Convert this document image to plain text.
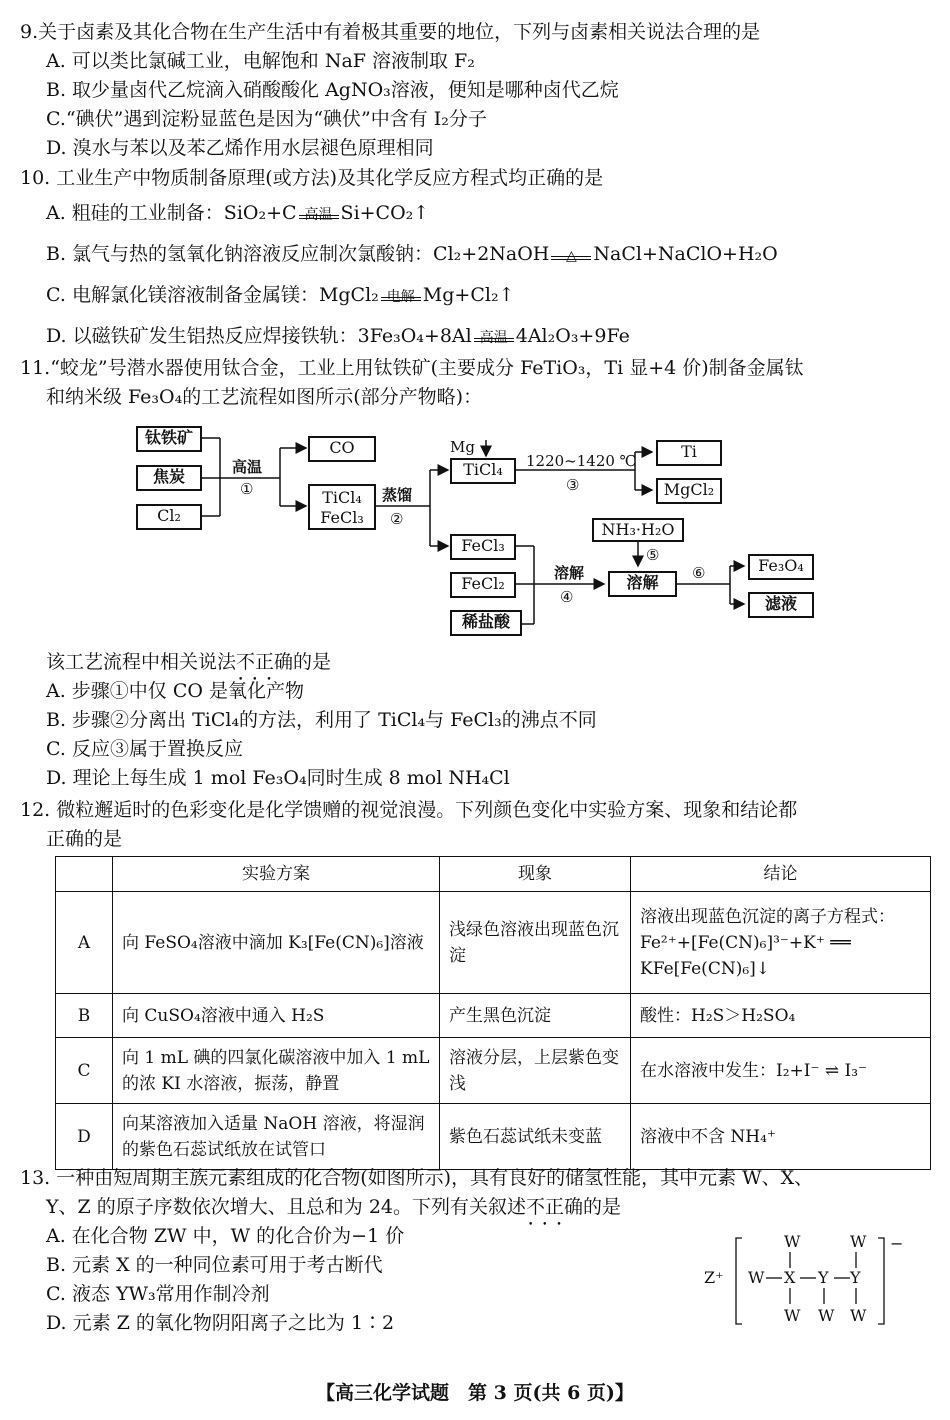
9.关于卤素及其化合物在生产生活中有着极其重要的地位，下列与卤素相关说法合理的是
A. 可以类比氯碱工业，电解饱和 NaF 溶液制取 F₂
B. 取少量卤代乙烷滴入硝酸酸化 AgNO₃溶液，便知是哪种卤代乙烷
C.“碘伏”遇到淀粉显蓝色是因为“碘伏”中含有 I₂分子
D. 溴水与苯以及苯乙烯作用水层褪色原理相同
10. 工业生产中物质制备原理(或方法)及其化学反应方程式均正确的是
A. 粗硅的工业制备：SiO₂+C 高温 Si+CO₂↑
B. 氯气与热的氢氧化钠溶液反应制次氯酸钠：Cl₂+2NaOH	△ NaCl+NaClO+H₂O
C. 电解氯化镁溶液制备金属镁：MgCl₂ 电解 Mg+Cl₂↑
D. 以磁铁矿发生铝热反应焊接铁轨：3Fe₃O₄+8Al 高温 4Al₂O₃+9Fe
11.“蛟龙”号潜水器使用钛合金，工业上用钛铁矿(主要成分 FeTiO₃，Ti 显+4 价)制备金属钛
和纳米级 Fe₃O₄的工艺流程如图所示(部分产物略)：
钛铁矿
焦炭
Cl₂
高温
①
CO
TiCl₄
FeCl₃
蒸馏
②
Mg
TiCl₄	1220~1420 ℃
③
Ti
MgCl₂
FeCl₃
FeCl₂
稀盐酸
溶解
④
NH₃·H₂O
⑤
溶解	⑥	Fe₃O₄
滤液
该工艺流程中相关说法不正确 • • •的是
A. 步骤①中仅 CO 是氧化产物
B. 步骤②分离出 TiCl₄的方法，利用了 TiCl₄与 FeCl₃的沸点不同
C. 反应③属于置换反应
D. 理论上每生成 1 mol Fe₃O₄同时生成 8 mol NH₄Cl
12. 微粒邂逅时的色彩变化是化学馈赠的视觉浪漫。下列颜色变化中实验方案、现象和结论都
正确的是
	实验方案	现象	结论
A	向 FeSO₄溶液中滴加 K₃[Fe(CN)₆]溶液	浅绿色溶液出现蓝色沉淀	溶液出现蓝色沉淀的离子方程式：Fe²⁺+[Fe(CN)₆]³⁻+K⁺ ══ KFe[Fe(CN)₆]↓
B	向 CuSO₄溶液中通入 H₂S	产生黑色沉淀	酸性：H₂S＞H₂SO₄
C	向 1 mL 碘的四氯化碳溶液中加入 1 mL 的浓 KI 水溶液，振荡，静置	溶液分层，上层紫色变浅	在水溶液中发生：I₂+I⁻ ⇌ I₃⁻
D	向某溶液加入适量 NaOH 溶液，将湿润的紫色石蕊试纸放在试管口	紫色石蕊试纸未变蓝	溶液中不含 NH₄⁺
13. 一种由短周期主族元素组成的化合物(如图所示)，具有良好的储氢性能，其中元素 W、X、
Y、Z 的原子序数依次增大、且总和为 24。下列有关叙述不正确 • • •的是
A. 在化合物 ZW 中，W 的化合价为−1 价
B. 元素 X 的一种同位素可用于考古断代
C. 液态 YW₃常用作制冷剂
D. 元素 Z 的氧化物阴阳离子之比为 1∶2
Z⁺
W	W −
W X Y Y
W W W
【高三化学试题　第 3 页(共 6 页)】
